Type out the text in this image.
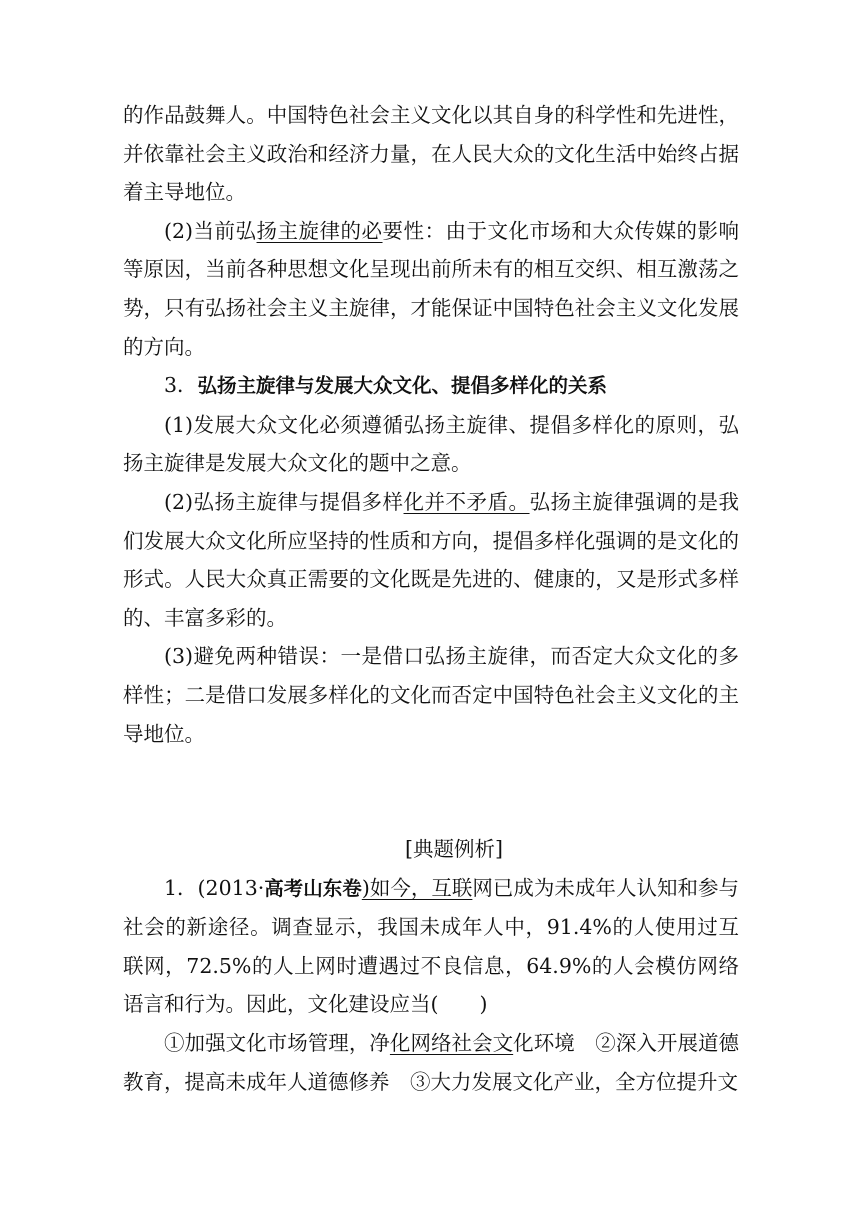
的作品鼓舞人。中国特色社会主义文化以其自身的科学性和先进性，并依靠社会主义政治和经济力量，在人民大众的文化生活中始终占据着主导地位。

(2)当前弘扬主旋律的必要性：由于文化市场和大众传媒的影响等原因，当前各种思想文化呈现出前所未有的相互交织、相互激荡之势，只有弘扬社会主义主旋律，才能保证中国特色社会主义文化发展的方向。

3．弘扬主旋律与发展大众文化、提倡多样化的关系

(1)发展大众文化必须遵循弘扬主旋律、提倡多样化的原则，弘扬主旋律是发展大众文化的题中之意。

(2)弘扬主旋律与提倡多样化并不矛盾。弘扬主旋律强调的是我们发展大众文化所应坚持的性质和方向，提倡多样化强调的是文化的形式。人民大众真正需要的文化既是先进的、健康的，又是形式多样的、丰富多彩的。

(3)避免两种错误：一是借口弘扬主旋律，而否定大众文化的多样性；二是借口发展多样化的文化而否定中国特色社会主义文化的主导地位。

[典题例析]

1．(2013·高考山东卷)如今，互联网已成为未成年人认知和参与社会的新途径。调查显示，我国未成年人中，91.4%的人使用过互联网，72.5%的人上网时遭遇过不良信息，64.9%的人会模仿网络语言和行为。因此，文化建设应当(　　)

①加强文化市场管理，净化网络社会文化环境　②深入开展道德教育，提高未成年人道德修养　③大力发展文化产业，全方位提升文
